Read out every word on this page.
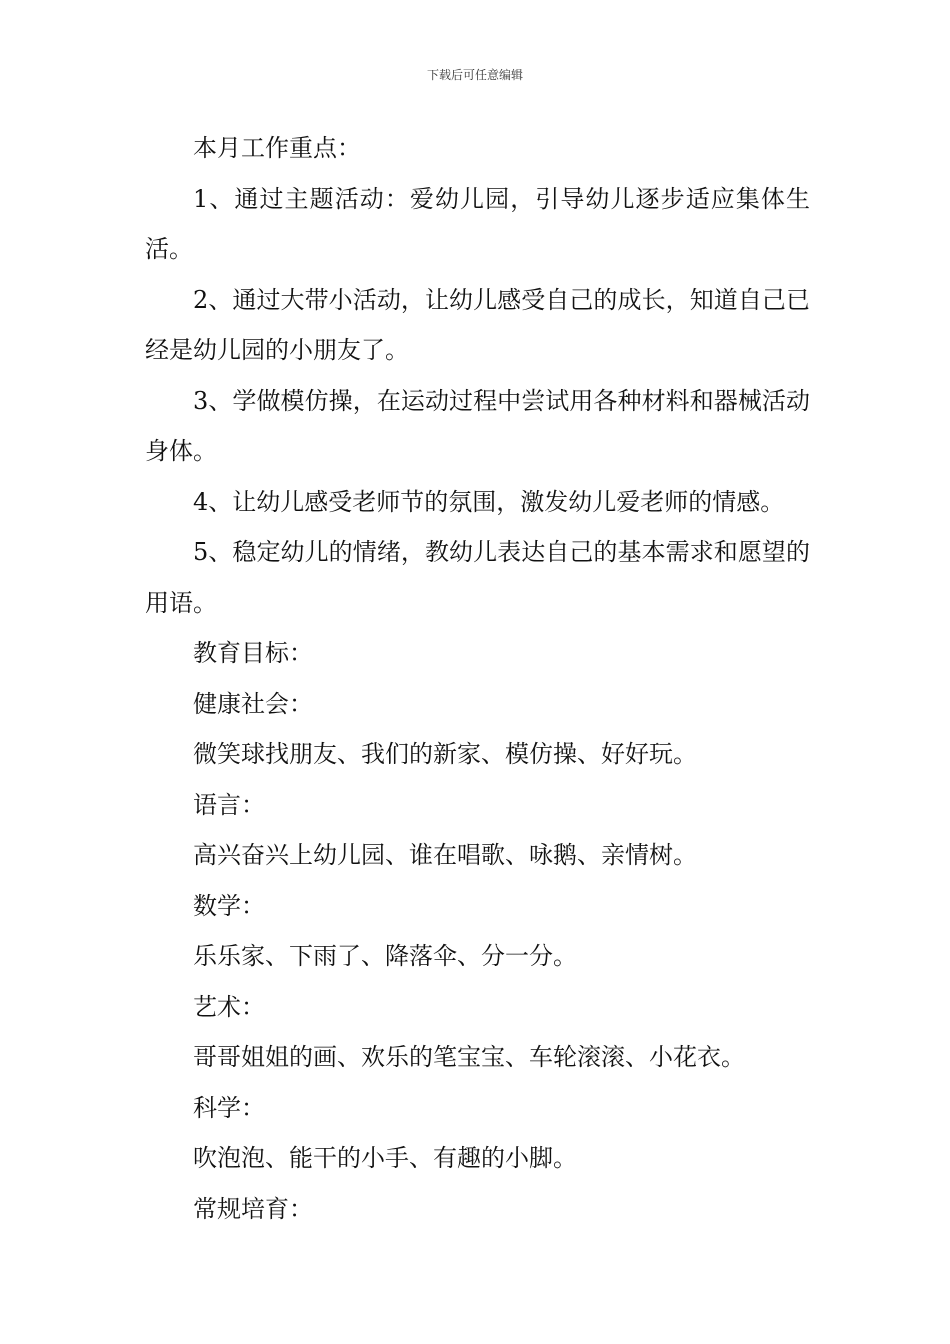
下载后可任意编辑

本月工作重点：

1、通过主题活动：爱幼儿园，引导幼儿逐步适应集体生活。

2、通过大带小活动，让幼儿感受自己的成长，知道自己已经是幼儿园的小朋友了。

3、学做模仿操，在运动过程中尝试用各种材料和器械活动身体。

4、让幼儿感受老师节的氛围，激发幼儿爱老师的情感。

5、稳定幼儿的情绪，教幼儿表达自己的基本需求和愿望的用语。

教育目标：

健康社会：

微笑球找朋友、我们的新家、模仿操、好好玩。

语言：

高兴奋兴上幼儿园、谁在唱歌、咏鹅、亲情树。

数学：

乐乐家、下雨了、降落伞、分一分。

艺术：

哥哥姐姐的画、欢乐的笔宝宝、车轮滚滚、小花衣。

科学：

吹泡泡、能干的小手、有趣的小脚。

常规培育：
